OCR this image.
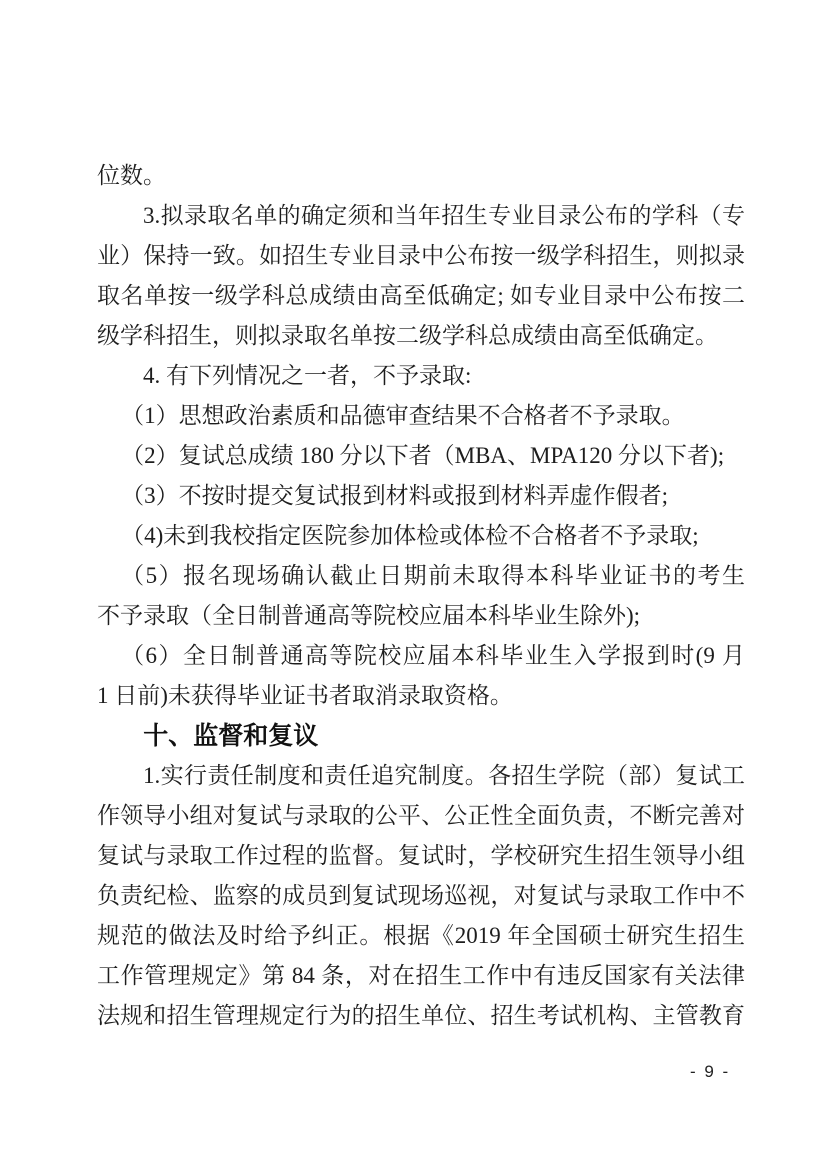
位数。
3.拟录取名单的确定须和当年招生专业目录公布的学科（专
业）保持一致。如招生专业目录中公布按一级学科招生，则拟录
取名单按一级学科总成绩由高至低确定; 如专业目录中公布按二
级学科招生，则拟录取名单按二级学科总成绩由高至低确定。
4. 有下列情况之一者，不予录取:
（1）思想政治素质和品德审查结果不合格者不予录取。
（2）复试总成绩 180 分以下者（MBA、MPA120 分以下者);
（3）不按时提交复试报到材料或报到材料弄虚作假者;
（4)未到我校指定医院参加体检或体检不合格者不予录取;
（5）报名现场确认截止日期前未取得本科毕业证书的考生
不予录取（全日制普通高等院校应届本科毕业生除外);
（6）全日制普通高等院校应届本科毕业生入学报到时(9 月
1 日前)未获得毕业证书者取消录取资格。
十、监督和复议
1.实行责任制度和责任追究制度。各招生学院（部）复试工
作领导小组对复试与录取的公平、公正性全面负责，不断完善对
复试与录取工作过程的监督。复试时，学校研究生招生领导小组
负责纪检、监察的成员到复试现场巡视，对复试与录取工作中不
规范的做法及时给予纠正。根据《2019 年全国硕士研究生招生
工作管理规定》第 84 条，对在招生工作中有违反国家有关法律
法规和招生管理规定行为的招生单位、招生考试机构、主管教育
- 9 -
